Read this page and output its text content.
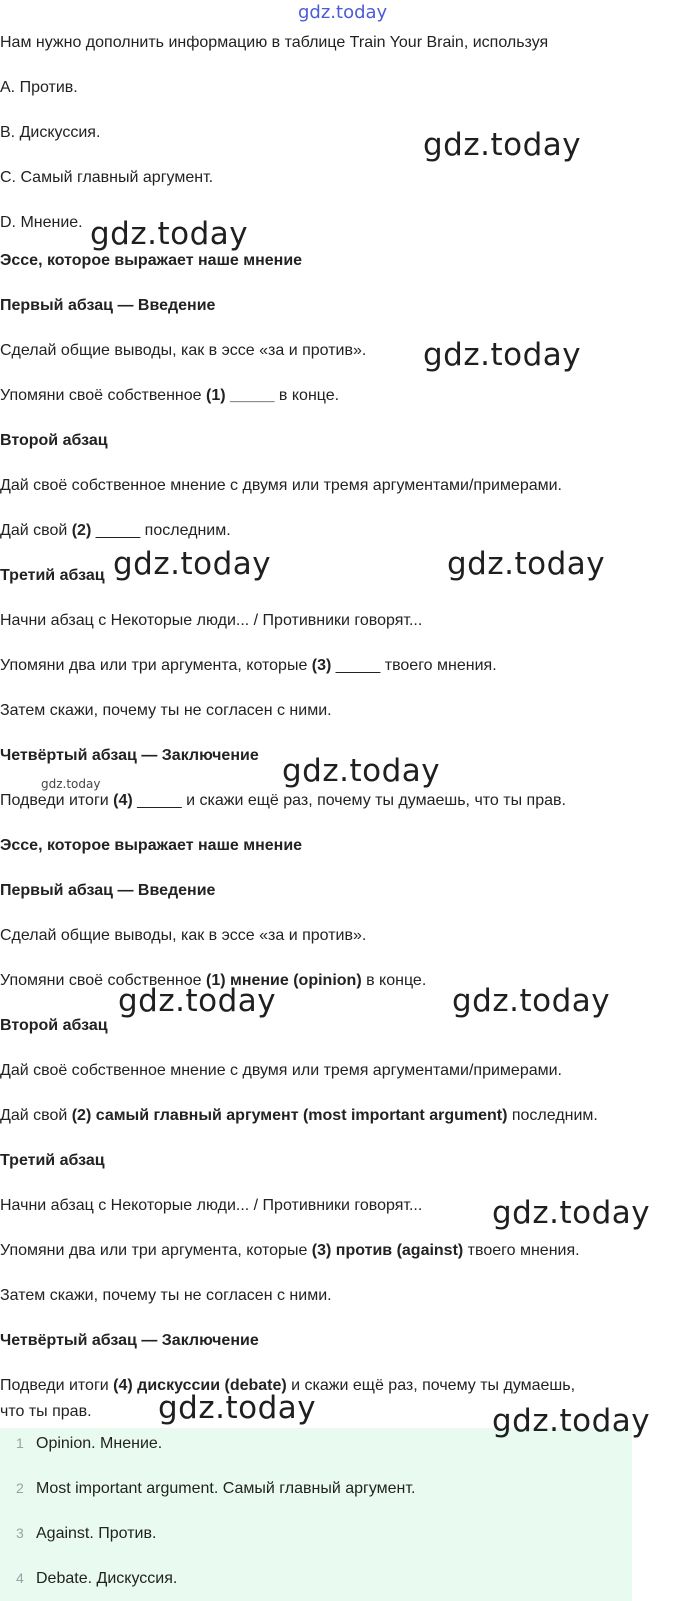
gdz.today
Нам нужно дополнить информацию в таблице Train Your Brain, используя
A. Против.
B. Дискуссия.
C. Самый главный аргумент.
D. Мнение.
Эссе, которое выражает наше мнение
Первый абзац — Введение
Сделай общие выводы, как в эссе «за и против».
Упомяни своё собственное (1) _____ в конце.
Второй абзац
Дай своё собственное мнение с двумя или тремя аргументами/примерами.
Дай свой (2) _____ последним.
Третий абзац
Начни абзац с Некоторые люди... / Противники говорят...
Упомяни два или три аргумента, которые (3) _____ твоего мнения.
Затем скажи, почему ты не согласен с ними.
Четвёртый абзац — Заключение
Подведи итоги (4) _____ и скажи ещё раз, почему ты думаешь, что ты прав.
Эссе, которое выражает наше мнение
Первый абзац — Введение
Сделай общие выводы, как в эссе «за и против».
Упомяни своё собственное (1) мнение (opinion) в конце.
Второй абзац
Дай своё собственное мнение с двумя или тремя аргументами/примерами.
Дай свой (2) самый главный аргумент (most important argument) последним.
Третий абзац
Начни абзац с Некоторые люди... / Противники говорят...
Упомяни два или три аргумента, которые (3) против (against) твоего мнения.
Затем скажи, почему ты не согласен с ними.
Четвёртый абзац — Заключение
Подведи итоги (4) дискуссии (debate) и скажи ещё раз, почему ты думаешь,
что ты прав.
1 Opinion. Мнение.
2 Most important argument. Самый главный аргумент.
3 Against. Против.
4 Debate. Дискуссия.
gdz.today
gdz.today
gdz.today
gdz.today	gdz.today
gdz.today
gdz.today
gdz.today	gdz.today
gdz.today
gdz.today	gdz.today
